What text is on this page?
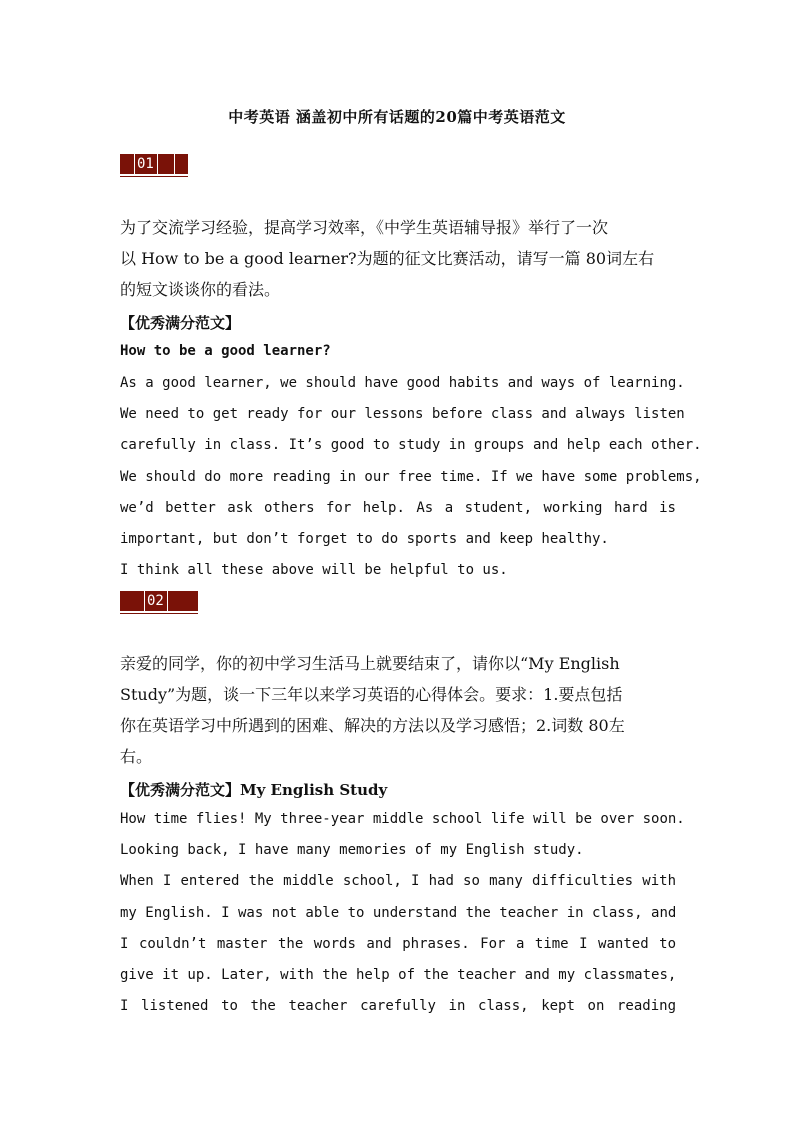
中考英语 涵盖初中所有话题的20篇中考英语范文
01
为了交流学习经验，提高学习效率，《中学生英语辅导报》举行了一次
以 How to be a good learner?为题的征文比赛活动，请写一篇 80词左右
的短文谈谈你的看法。
【优秀满分范文】
How to be a good learner?

As a good learner, we should have good habits and ways of learning.

We need to get ready for our lessons before class and always listen

carefully in class. It’s good to study in groups and help each other.

We should do more reading in our free time. If we have some problems,

we’d better ask others for help. As a student, working hard is

important, but don’t forget to do sports and keep healthy.

I think all these above will be helpful to us.

02
亲爱的同学，你的初中学习生活马上就要结束了，请你以“My English
Study”为题，谈一下三年以来学习英语的心得体会。要求：1.要点包括
你在英语学习中所遇到的困难、解决的方法以及学习感悟；2.词数 80左
右。
【优秀满分范文】My English Study

How time flies! My three-year middle school life will be over soon.

Looking back, I have many memories of my English study.

When I entered the middle school, I had so many difficulties with

my English. I was not able to understand the teacher in class, and

I couldn’t master the words and phrases. For a time I wanted to

give it up. Later, with the help of the teacher and my classmates,

I listened to the teacher carefully in class, kept on reading
